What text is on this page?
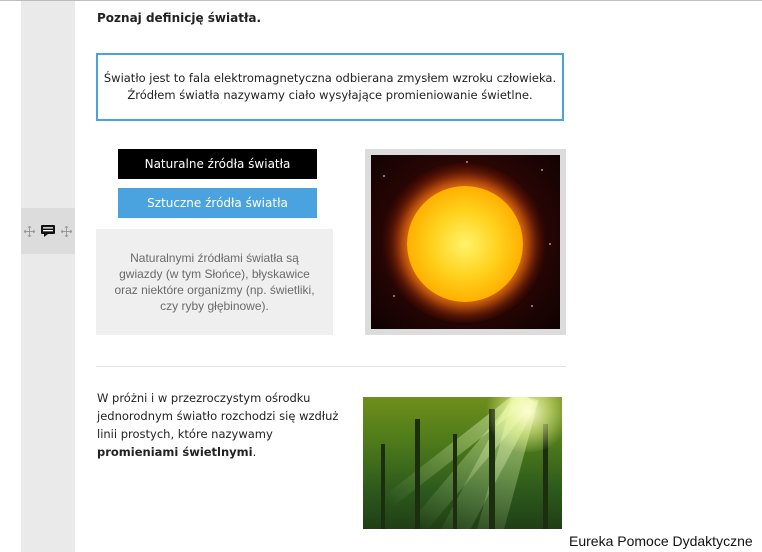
Poznaj definicję światła.
Światło jest to fala elektromagnetyczna odbierana zmysłem wzroku człowieka.
Źródłem światła nazywamy ciało wysyłające promieniowanie świetlne.
Naturalne źródła światła
Sztuczne źródła światła
Naturalnymi źródłami światła są gwiazdy (w tym Słońce), błyskawice oraz niektóre organizmy (np. świetliki, czy ryby głębinowe).
W próżni i w przezroczystym ośrodku jednorodnym światło rozchodzi się wzdłuż linii prostych, które nazywamy promieniami świetlnymi.
Eureka Pomoce Dydaktyczne
